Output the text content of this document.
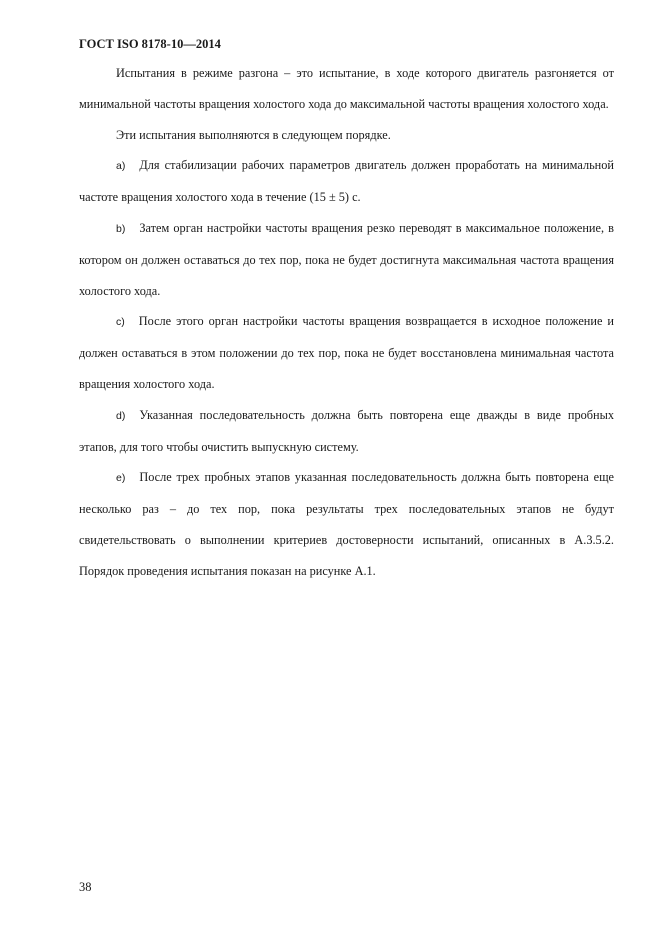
ГОСТ ISO 8178-10—2014

Испытания в режиме разгона – это испытание, в ходе которого двигатель разгоняется от минимальной частоты вращения холостого хода до максимальной частоты вращения холостого хода.

Эти испытания выполняются в следующем порядке.

a) Для стабилизации рабочих параметров двигатель должен проработать на минимальной частоте вращения холостого хода в течение (15 ± 5) с.

b) Затем орган настройки частоты вращения резко переводят в максимальное положение, в котором он должен оставаться до тех пор, пока не будет достигнута максимальная частота вращения холостого хода.

c) После этого орган настройки частоты вращения возвращается в исходное положение и должен оставаться в этом положении до тех пор, пока не будет восстановлена минимальная частота вращения холостого хода.

d) Указанная последовательность должна быть повторена еще дважды в виде пробных этапов, для того чтобы очистить выпускную систему.

e) После трех пробных этапов указанная последовательность должна быть повторена еще несколько раз – до тех пор, пока результаты трех последовательных этапов не будут свидетельствовать о выполнении критериев достоверности испытаний, описанных в А.3.5.2. Порядок проведения испытания показан на рисунке А.1.

38
